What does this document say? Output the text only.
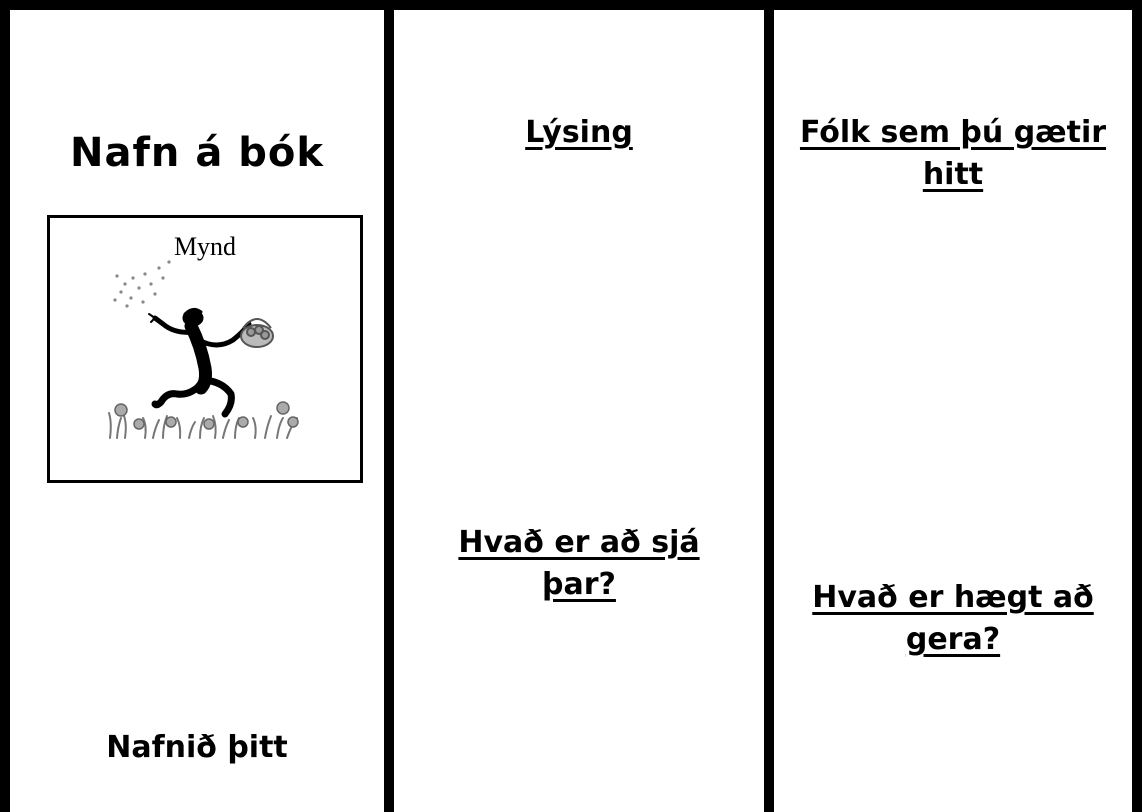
Nafn á bók
Mynd
Nafnið þitt
Lýsing
Hvað er að sjá
þar?
Fólk sem þú gætir
hitt
Hvað er hægt að
gera?
